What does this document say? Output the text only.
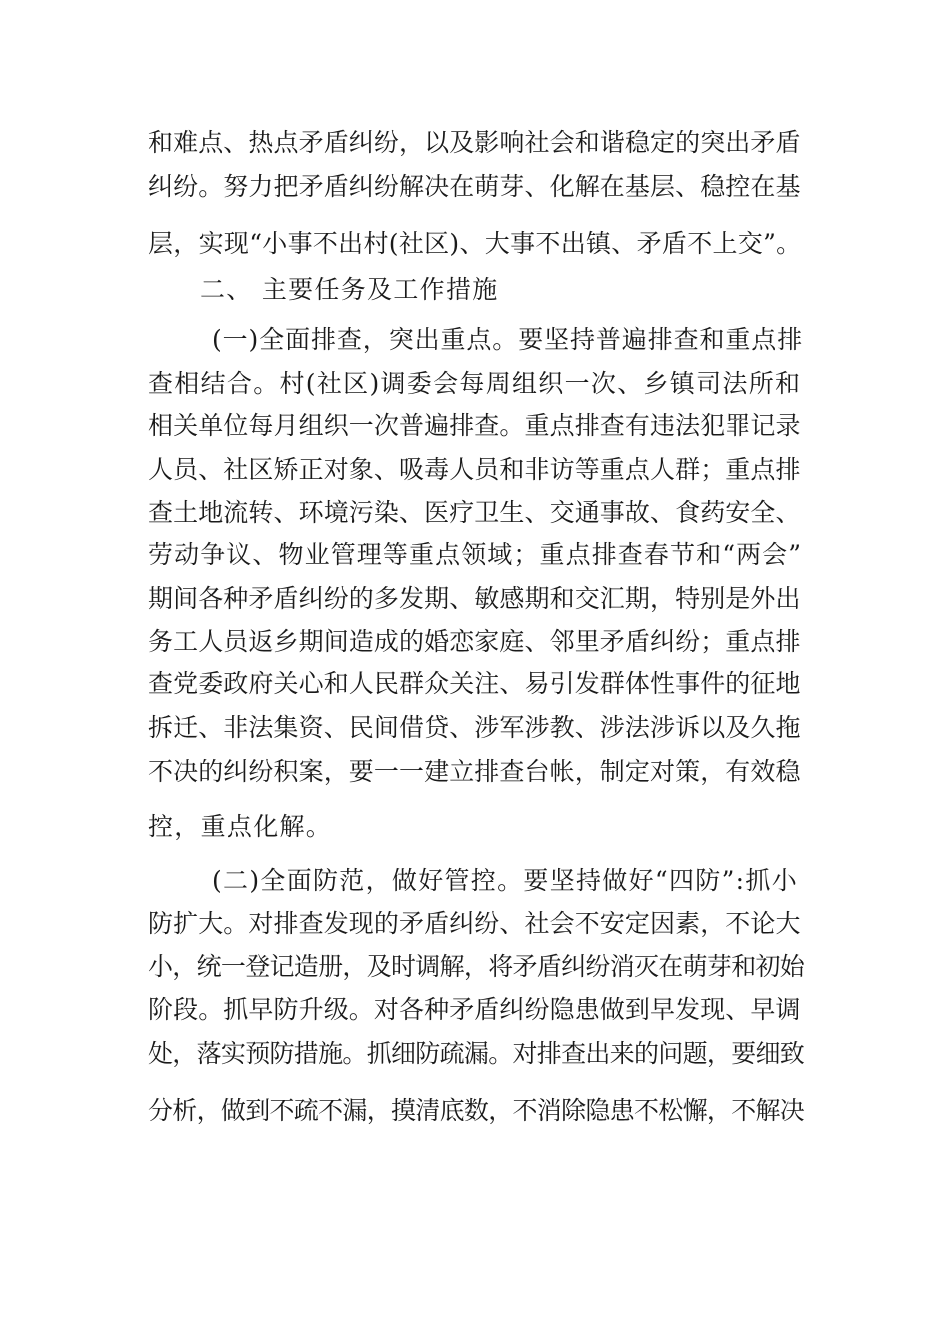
和难点、热点矛盾纠纷，以及影响社会和谐稳定的突出矛盾
纠纷。努力把矛盾纠纷解决在萌芽、化解在基层、稳控在基
层，实现“小事不出村(社区)、大事不出镇、矛盾不上交”。
二、 主要任务及工作措施
(一)全面排查，突出重点。要坚持普遍排查和重点排
查相结合。村(社区)调委会每周组织一次、乡镇司法所和
相关单位每月组织一次普遍排查。重点排查有违法犯罪记录
人员、社区矫正对象、吸毒人员和非访等重点人群；重点排
查土地流转、环境污染、医疗卫生、交通事故、食药安全、
劳动争议、物业管理等重点领域；重点排查春节和“两会”
期间各种矛盾纠纷的多发期、敏感期和交汇期，特别是外出
务工人员返乡期间造成的婚恋家庭、邻里矛盾纠纷；重点排
查党委政府关心和人民群众关注、易引发群体性事件的征地
拆迁、非法集资、民间借贷、涉军涉教、涉法涉诉以及久拖
不决的纠纷积案，要一一建立排查台帐，制定对策，有效稳
控，重点化解。
(二)全面防范，做好管控。要坚持做好“四防”:抓小
防扩大。对排查发现的矛盾纠纷、社会不安定因素，不论大
小，统一登记造册，及时调解，将矛盾纠纷消灭在萌芽和初始
阶段。抓早防升级。对各种矛盾纠纷隐患做到早发现、早调
处，落实预防措施。抓细防疏漏。对排查出来的问题，要细致
分析，做到不疏不漏，摸清底数，不消除隐患不松懈，不解决
